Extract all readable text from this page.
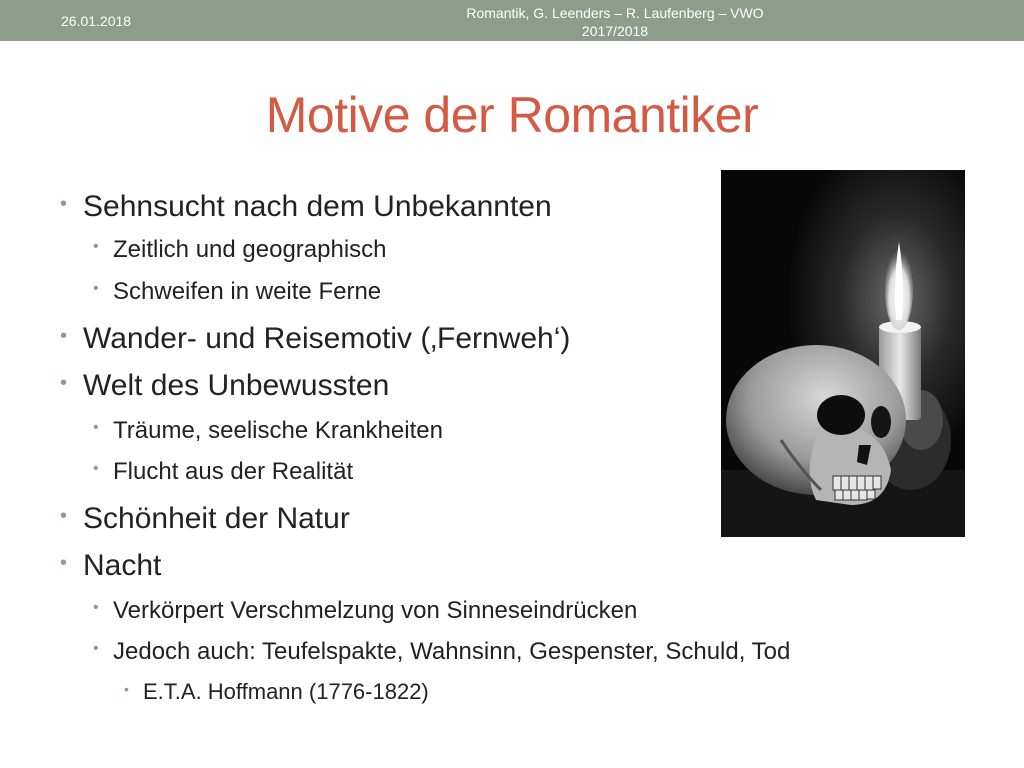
26.01.2018	Romantik, G. Leenders – R. Laufenberg – VWO
2017/2018
Motive der Romantiker
• Sehnsucht nach dem Unbekannten
• Zeitlich und geographisch
• Schweifen in weite Ferne
• Wander- und Reisemotiv (‚Fernweh‘)
• Welt des Unbewussten
• Träume, seelische Krankheiten
• Flucht aus der Realität
• Schönheit der Natur
• Nacht
• Verkörpert Verschmelzung von Sinneseindrücken
• Jedoch auch: Teufelspakte, Wahnsinn, Gespenster, Schuld, Tod
• E.T.A. Hoffmann (1776-1822)
